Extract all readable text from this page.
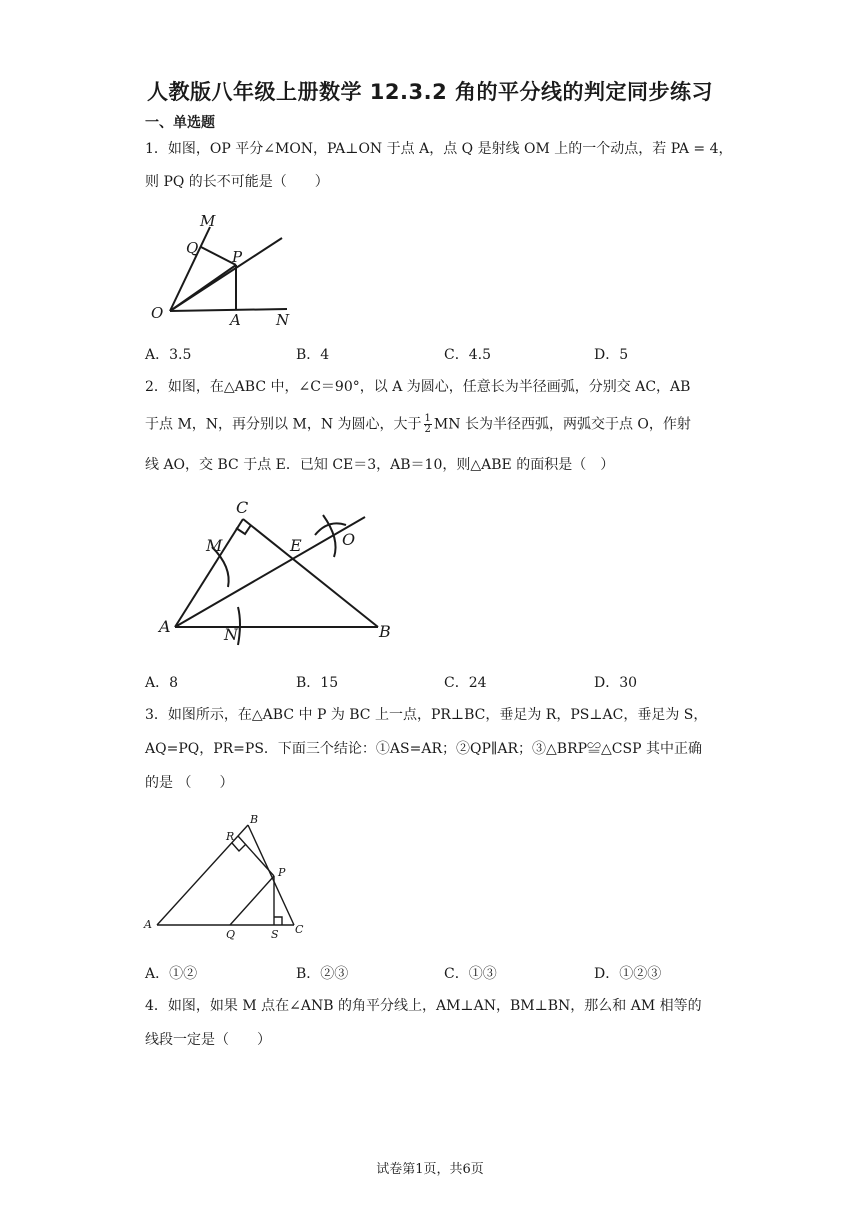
人教版八年级上册数学 12.3.2 角的平分线的判定同步练习
一、单选题
1．如图，OP 平分∠MON，PA⊥ON 于点 A，点 Q 是射线 OM 上的一个动点，若 PA = 4，
则 PQ 的长不可能是（　　）
M
Q P
O	A N
A．3.5	B．4	C．4.5	D．5
2．如图，在△ABC 中，∠C＝90°，以 A 为圆心，任意长为半径画弧，分别交 AC，AB
于点 M，N，再分别以 M，N 为圆心，大于 $\frac{1}{2}$ MN 长为半径西弧，两弧交于点 O，作射
线 AO，交 BC 于点 E．已知 CE＝3，AB＝10，则△ABE 的面积是（　）
C
M	E	O
A	N	B
A．8	B．15	C．24	D．30
3．如图所示，在△ABC 中 P 为 BC 上一点，PR⊥BC，垂足为 R，PS⊥AC，垂足为 S，
AQ=PQ，PR=PS．下面三个结论：①AS=AR；②QP∥AR；③△BRP≌△CSP 其中正确
的是 （　　）
B
R
P
A
Q	S C
A．①②	B．②③	C．①③	D．①②③
4．如图，如果 M 点在∠ANB 的角平分线上，AM⊥AN，BM⊥BN，那么和 AM 相等的
线段一定是（　　）
试卷第1页，共6页
